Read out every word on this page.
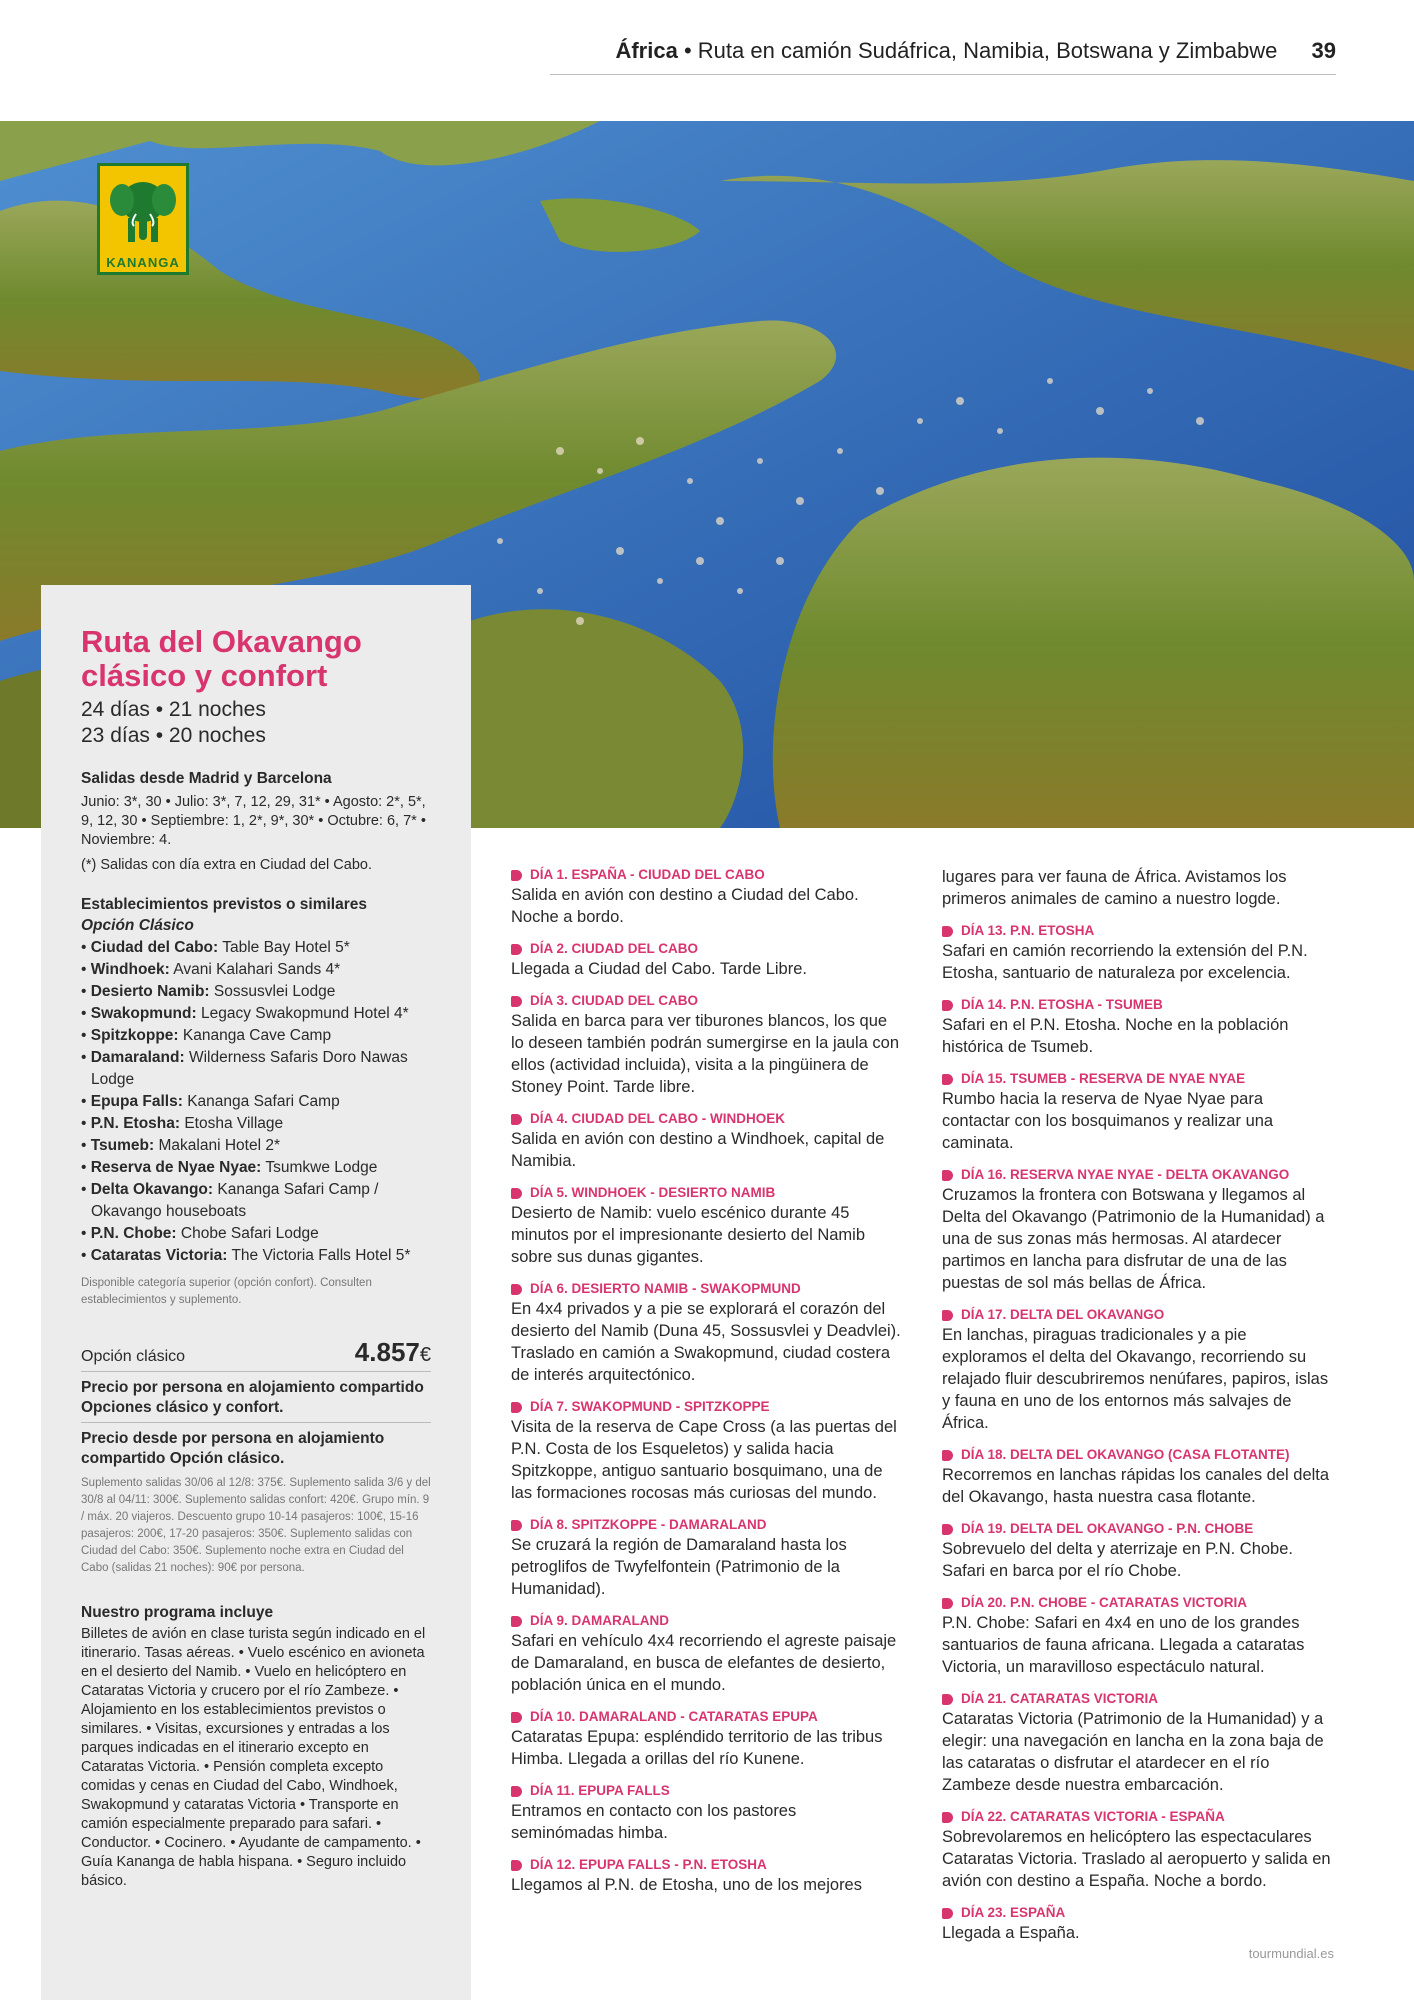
África • Ruta en camión Sudáfrica, Namibia, Botswana y Zimbabwe 39
KANANGA
Ruta del Okavango
clásico y confort
24 días • 21 noches
23 días • 20 noches
Salidas desde Madrid y Barcelona
Junio: 3*, 30 • Julio: 3*, 7, 12, 29, 31* • Agosto: 2*, 5*, 9, 12, 30 • Septiembre: 1, 2*, 9*, 30* • Octubre: 6, 7* • Noviembre: 4.
(*) Salidas con día extra en Ciudad del Cabo.
Establecimientos previstos o similares
Opción Clásico
• Ciudad del Cabo: Table Bay Hotel 5*
• Windhoek: Avani Kalahari Sands 4*
• Desierto Namib: Sossusvlei Lodge
• Swakopmund: Legacy Swakopmund Hotel 4*
• Spitzkoppe: Kananga Cave Camp
• Damaraland: Wilderness Safaris Doro Nawas Lodge
• Epupa Falls: Kananga Safari Camp
• P.N. Etosha: Etosha Village
• Tsumeb: Makalani Hotel 2*
• Reserva de Nyae Nyae: Tsumkwe Lodge
• Delta Okavango: Kananga Safari Camp / Okavango houseboats
• P.N. Chobe: Chobe Safari Lodge
• Cataratas Victoria: The Victoria Falls Hotel 5*
Disponible categoría superior (opción confort). Consulten establecimientos y suplemento.
Opción clásico	4.857€
Precio por persona en alojamiento compartido Opciones clásico y confort.
Precio desde por persona en alojamiento compartido Opción clásico.
Suplemento salidas 30/06 al 12/8: 375€. Suplemento salida 3/6 y del 30/8 al 04/11: 300€. Suplemento salidas confort: 420€. Grupo mín. 9 / máx. 20 viajeros. Descuento grupo 10-14 pasajeros: 100€, 15-16 pasajeros: 200€, 17-20 pasajeros: 350€. Suplemento salidas con Ciudad del Cabo: 350€. Suplemento noche extra en Ciudad del Cabo (salidas 21 noches): 90€ por persona.
Nuestro programa incluye
Billetes de avión en clase turista según indicado en el itinerario. Tasas aéreas. • Vuelo escénico en avioneta en el desierto del Namib. • Vuelo en helicóptero en Cataratas Victoria y crucero por el río Zambeze. • Alojamiento en los establecimientos previstos o similares. • Visitas, excursiones y entradas a los parques indicadas en el itinerario excepto en Cataratas Victoria. • Pensión completa excepto comidas y cenas en Ciudad del Cabo, Windhoek, Swakopmund y cataratas Victoria • Transporte en camión especialmente preparado para safari. • Conductor. • Cocinero. • Ayudante de campamento. • Guía Kananga de habla hispana. • Seguro incluido básico.
DÍA 1. ESPAÑA - CIUDAD DEL CABO
Salida en avión con destino a Ciudad del Cabo. Noche a bordo.
DÍA 2. CIUDAD DEL CABO
Llegada a Ciudad del Cabo. Tarde Libre.
DÍA 3. CIUDAD DEL CABO
Salida en barca para ver tiburones blancos, los que lo deseen también podrán sumergirse en la jaula con ellos (actividad incluida), visita a la pingüinera de Stoney Point. Tarde libre.
DÍA 4. CIUDAD DEL CABO - WINDHOEK
Salida en avión con destino a Windhoek, capital de Namibia.
DÍA 5. WINDHOEK - DESIERTO NAMIB
Desierto de Namib: vuelo escénico durante 45 minutos por el impresionante desierto del Namib sobre sus dunas gigantes.
DÍA 6. DESIERTO NAMIB - SWAKOPMUND
En 4x4 privados y a pie se explorará el corazón del desierto del Namib (Duna 45, Sossusvlei y Deadvlei). Traslado en camión a Swakopmund, ciudad costera de interés arquitectónico.
DÍA 7. SWAKOPMUND - SPITZKOPPE
Visita de la reserva de Cape Cross (a las puertas del P.N. Costa de los Esqueletos) y salida hacia Spitzkoppe, antiguo santuario bosquimano, una de las formaciones rocosas más curiosas del mundo.
DÍA 8. SPITZKOPPE - DAMARALAND
Se cruzará la región de Damaraland hasta los petroglifos de Twyfelfontein (Patrimonio de la Humanidad).
DÍA 9. DAMARALAND
Safari en vehículo 4x4 recorriendo el agreste paisaje de Damaraland, en busca de elefantes de desierto, población única en el mundo.
DÍA 10. DAMARALAND - CATARATAS EPUPA
Cataratas Epupa: espléndido territorio de las tribus Himba. Llegada a orillas del río Kunene.
DÍA 11. EPUPA FALLS
Entramos en contacto con los pastores seminómadas himba.
DÍA 12. EPUPA FALLS - P.N. ETOSHA
Llegamos al P.N. de Etosha, uno de los mejores
lugares para ver fauna de África. Avistamos los primeros animales de camino a nuestro logde.
DÍA 13. P.N. ETOSHA
Safari en camión recorriendo la extensión del P.N. Etosha, santuario de naturaleza por excelencia.
DÍA 14. P.N. ETOSHA - TSUMEB
Safari en el P.N. Etosha. Noche en la población histórica de Tsumeb.
DÍA 15. TSUMEB - RESERVA DE NYAE NYAE
Rumbo hacia la reserva de Nyae Nyae para contactar con los bosquimanos y realizar una caminata.
DÍA 16. RESERVA NYAE NYAE - DELTA OKAVANGO
Cruzamos la frontera con Botswana y llegamos al Delta del Okavango (Patrimonio de la Humanidad) a una de sus zonas más hermosas. Al atardecer partimos en lancha para disfrutar de una de las puestas de sol más bellas de África.
DÍA 17. DELTA DEL OKAVANGO
En lanchas, piraguas tradicionales y a pie exploramos el delta del Okavango, recorriendo su relajado fluir descubriremos nenúfares, papiros, islas y fauna en uno de los entornos más salvajes de África.
DÍA 18. DELTA DEL OKAVANGO (CASA FLOTANTE)
Recorremos en lanchas rápidas los canales del delta del Okavango, hasta nuestra casa flotante.
DÍA 19. DELTA DEL OKAVANGO - P.N. CHOBE
Sobrevuelo del delta y aterrizaje en P.N. Chobe. Safari en barca por el río Chobe.
DÍA 20. P.N. CHOBE - CATARATAS VICTORIA
P.N. Chobe: Safari en 4x4 en uno de los grandes santuarios de fauna africana. Llegada a cataratas Victoria, un maravilloso espectáculo natural.
DÍA 21. CATARATAS VICTORIA
Cataratas Victoria (Patrimonio de la Humanidad) y a elegir: una navegación en lancha en la zona baja de las cataratas o disfrutar el atardecer en el río Zambeze desde nuestra embarcación.
DÍA 22. CATARATAS VICTORIA - ESPAÑA
Sobrevolaremos en helicóptero las espectaculares Cataratas Victoria. Traslado al aeropuerto y salida en avión con destino a España. Noche a bordo.
DÍA 23. ESPAÑA
Llegada a España.
tourmundial.es
